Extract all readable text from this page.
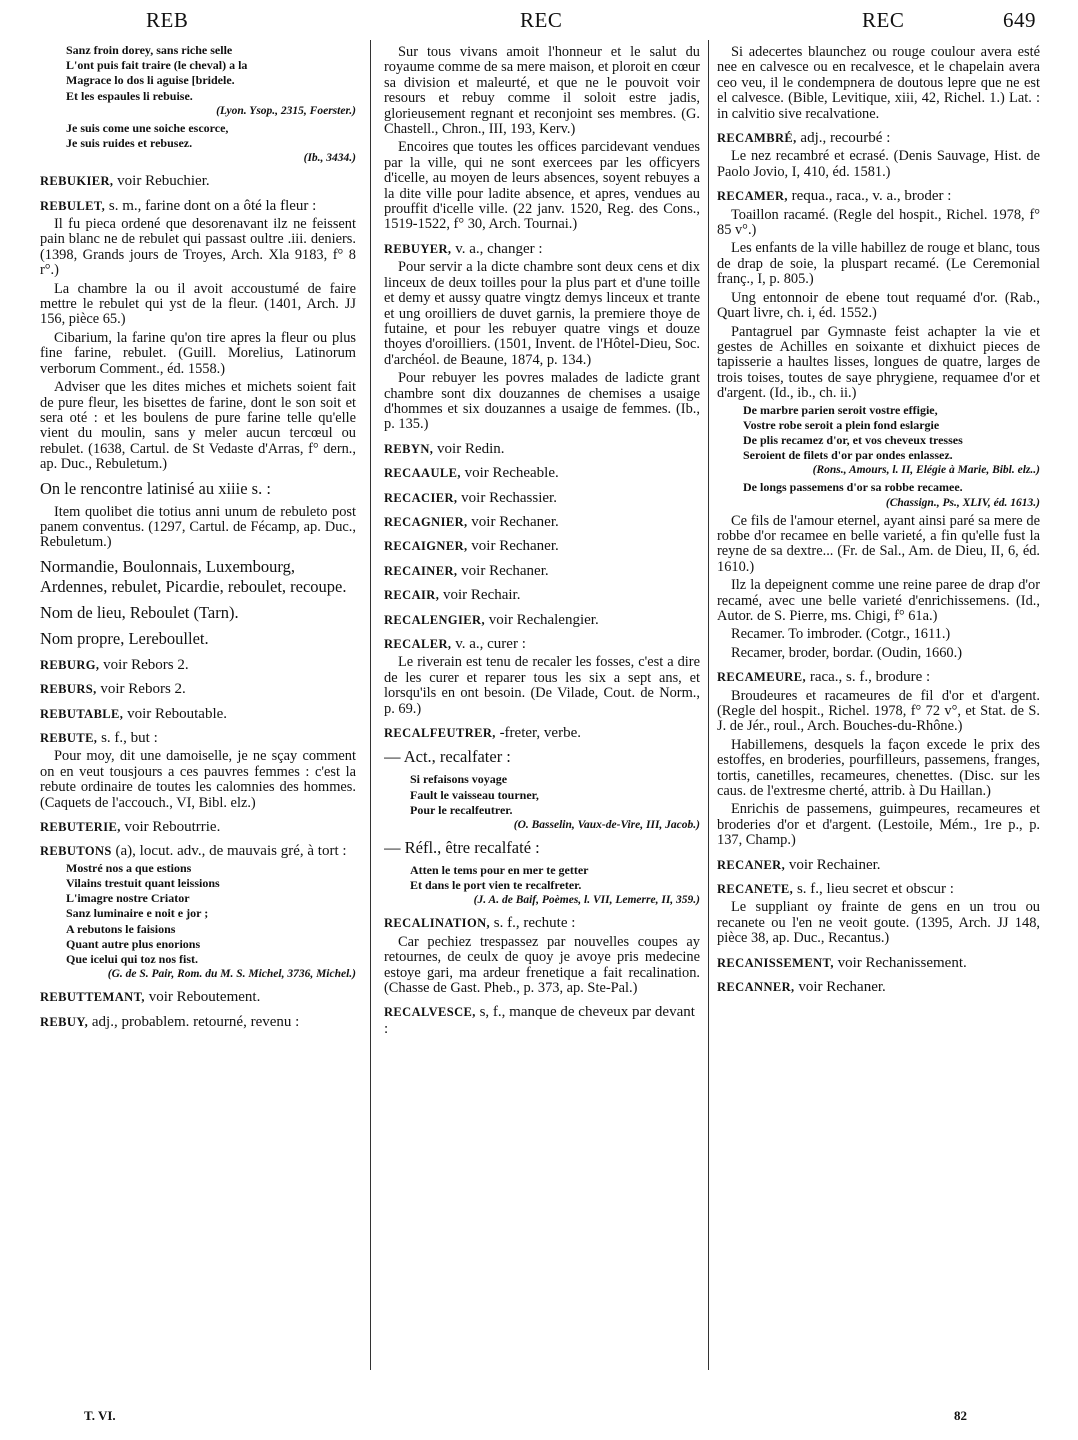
REB	REC	REC	649

Sanz froin dorey, sans riche selle

L'ont puis fait traire (le cheval) a la

Magrace lo dos li aguise [bridele.

Et les espaules li rebuise.

(Lyon. Ysop., 2315, Foerster.)

Je suis come une soiche escorce,

Je suis ruides et rebusez.

(Ib., 3434.)

REBUKIER, voir Rebuchier.

REBULET, s. m., farine dont on a ôté la fleur :

Il fu pieca ordené que desorenavant ilz ne feissent pain blanc ne de rebulet qui passast oultre .iii. deniers. (1398, Grands jours de Troyes, Arch. Xla 9183, f° 8 r°.)

La chambre la ou il avoit accoustumé de faire mettre le rebulet qui yst de la fleur. (1401, Arch. JJ 156, pièce 65.)

Cibarium, la farine qu'on tire apres la fleur ou plus fine farine, rebulet. (Guill. Morelius, Latinorum verborum Comment., éd. 1558.)

Adviser que les dites miches et michets soient fait de pure fleur, les bisettes de farine, dont le son soit et sera oté : et les boulens de pure farine telle qu'elle vient du moulin, sans y meler aucun tercœul ou rebulet. (1638, Cartul. de St Vedaste d'Arras, f° dern., ap. Duc., Rebuletum.)

On le rencontre latinisé au xiiie s. :

Item quolibet die totius anni unum de rebuleto post panem conventus. (1297, Cartul. de Fécamp, ap. Duc., Rebuletum.)

Normandie, Boulonnais, Luxembourg, Ardennes, rebulet, Picardie, reboulet, recoupe.

Nom de lieu, Reboulet (Tarn).

Nom propre, Lereboullet.

REBURG, voir Rebors 2.

REBURS, voir Rebors 2.

REBUTABLE, voir Reboutable.

REBUTE, s. f., but :

Pour moy, dit une damoiselle, je ne sçay comment on en veut tousjours a ces pauvres femmes : c'est la rebute ordinaire de toutes les calomnies des hommes. (Caquets de l'accouch., VI, Bibl. elz.)

REBUTERIE, voir Reboutrrie.

REBUTONS (a), locut. adv., de mauvais gré, à tort :

Mostré nos a que estions

Vilains trestuit quant leissions

L'imagre nostre Criator

Sanz luminaire e noit e jor ;

A rebutons le faisions

Quant autre plus enorions

Que icelui qui toz nos fist.

(G. de S. Pair, Rom. du M. S. Michel, 3736, Michel.)

REBUTTEMANT, voir Reboutement.

REBUY, adj., probablem. retourné, revenu :

Sur tous vivans amoit l'honneur et le salut du royaume comme de sa mere maison, et ploroit en cœur sa division et maleurté, et que ne le pouvoit voir resours et rebuy comme il soloit estre jadis, glorieusement regnant et reconjoint ses membres. (G. Chastell., Chron., III, 193, Kerv.)

Encoires que toutes les offices parcidevant vendues par la ville, qui ne sont exercees par les officyers d'icelle, au moyen de leurs absences, soyent rebuyes a la dite ville pour ladite absence, et apres, vendues au prouffit d'icelle ville. (22 janv. 1520, Reg. des Cons., 1519-1522, f° 30, Arch. Tournai.)

REBUYER, v. a., changer :

Pour servir a la dicte chambre sont deux cens et dix linceux de deux toilles pour la plus part et d'une toille et demy et aussy quatre vingtz demys linceux et trante et ung oroilliers de duvet garnis, la premiere thoye de futaine, et pour les rebuyer quatre vings et douze thoyes d'oroilliers. (1501, Invent. de l'Hôtel-Dieu, Soc. d'archéol. de Beaune, 1874, p. 134.)

Pour rebuyer les povres malades de ladicte grant chambre sont dix douzannes de chemises a usaige d'hommes et six douzannes a usaige de femmes. (Ib., p. 135.)

REBYN, voir Redin.

RECAAULE, voir Recheable.

RECACIER, voir Rechassier.

RECAGNIER, voir Rechaner.

RECAIGNER, voir Rechaner.

RECAINER, voir Rechaner.

RECAIR, voir Rechair.

RECALENGIER, voir Rechalengier.

RECALER, v. a., curer :

Le riverain est tenu de recaler les fosses, c'est a dire de les curer et reparer tous les six a sept ans, et lorsqu'ils en ont besoin. (De Vilade, Cout. de Norm., p. 69.)

RECALFEUTRER, -freter, verbe.

— Act., recalfater :

Si refaisons voyage

Fault le vaisseau tourner,

Pour le recalfeutrer.

(O. Basselin, Vaux-de-Vire, III, Jacob.)

— Réfl., être recalfaté :

Atten le tems pour en mer te getter

Et dans le port vien te recalfreter.

(J. A. de Baif, Poèmes, l. VII, Lemerre, II, 359.)

RECALINATION, s. f., rechute :

Car pechiez trespassez par nouvelles coupes ay retournes, de ceulx de quoy je avoye pris medecine estoye gari, ma ardeur frenetique a fait recalination. (Chasse de Gast. Pheb., p. 373, ap. Ste-Pal.)

RECALVESCE, s, f., manque de cheveux par devant :

Si adecertes blaunchez ou rouge coulour avera esté nee en calvesce ou en recalvesce, et le chapelain avera ceo veu, il le condempnera de doutous lepre que ne est el calvesce. (Bible, Levitique, xiii, 42, Richel. 1.) Lat. : in calvitio sive recalvatione.

RECAMBRÉ, adj., recourbé :

Le nez recambré et ecrasé. (Denis Sauvage, Hist. de Paolo Jovio, I, 410, éd. 1581.)

RECAMER, requa., raca., v. a., broder :

Toaillon racamé. (Regle del hospit., Richel. 1978, f° 85 v°.)

Les enfants de la ville habillez de rouge et blanc, tous de drap de soie, la pluspart recamé. (Le Ceremonial franç., I, p. 805.)

Ung entonnoir de ebene tout requamé d'or. (Rab., Quart livre, ch. i, éd. 1552.)

Pantagruel par Gymnaste feist achapter la vie et gestes de Achilles en soixante et dixhuict pieces de tapisserie a haultes lisses, longues de quatre, larges de trois toises, toutes de saye phrygiene, requamee d'or et d'argent. (Id., ib., ch. ii.)

De marbre parien seroit vostre effigie,

Vostre robe seroit a plein fond eslargie

De plis recamez d'or, et vos cheveux tresses

Seroient de filets d'or par ondes enlassez.

(Rons., Amours, l. II, Elégie à Marie, Bibl. elz..)

De longs passemens d'or sa robbe recamee.

(Chassign., Ps., XLIV, éd. 1613.)

Ce fils de l'amour eternel, ayant ainsi paré sa mere de robbe d'or recamee en belle varieté, a fin qu'elle fust la reyne de sa dextre... (Fr. de Sal., Am. de Dieu, II, 6, éd. 1610.)

Ilz la depeignent comme une reine paree de drap d'or recamé, avec une belle varieté d'enrichissemens. (Id., Autor. de S. Pierre, ms. Chigi, f° 61a.)

Recamer. To imbroder. (Cotgr., 1611.)

Recamer, broder, bordar. (Oudin, 1660.)

RECAMEURE, raca., s. f., brodure :

Broudeures et racameures de fil d'or et d'argent. (Regle del hospit., Richel. 1978, f° 72 v°, et Stat. de S. J. de Jér., roul., Arch. Bouches-du-Rhône.)

Habillemens, desquels la façon excede le prix des estoffes, en broderies, pourfilleurs, passemens, franges, tortis, canetilles, recameures, chenettes. (Disc. sur les caus. de l'extresme cherté, attrib. à Du Haillan.)

Enrichis de passemens, guimpeures, recameures et broderies d'or et d'argent. (Lestoile, Mém., 1re p., p. 137, Champ.)

RECANER, voir Rechainer.

RECANETE, s. f., lieu secret et obscur :

Le suppliant oy frainte de gens en un trou ou recanete ou l'en ne veoit goute. (1395, Arch. JJ 148, pièce 38, ap. Duc., Recantus.)

RECANISSEMENT, voir Rechanissement.

RECANNER, voir Rechaner.

T. VI.	82
